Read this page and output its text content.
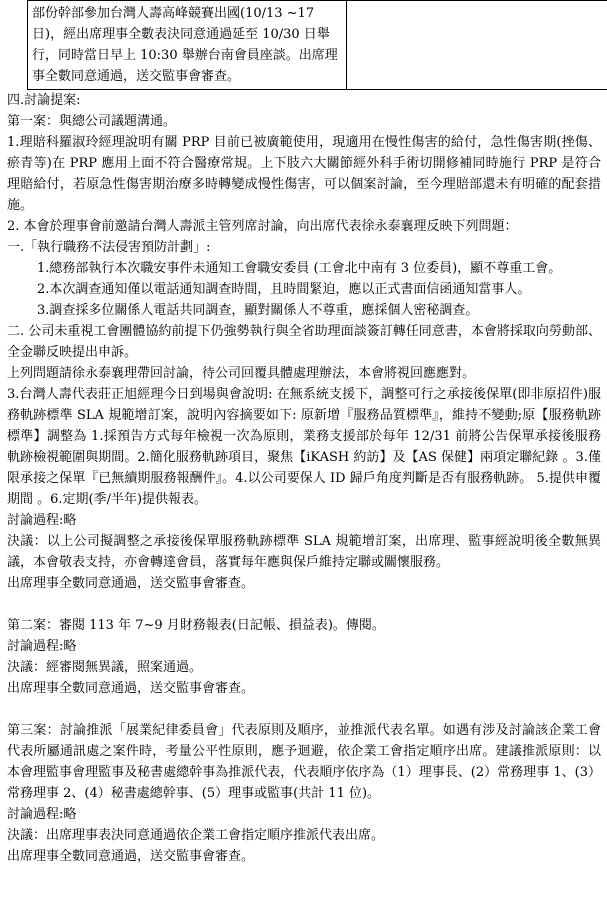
部份幹部參加台灣人壽高峰競賽出國(10/13 ~17日)，經出席理事全數表決同意通過延至 10/30 日舉行，同時當日早上 10:30 舉辦台南會員座談。出席理事全數同意通過，送交監事會審查。

四.討論提案:

第一案：與總公司議題溝通。

1.理賠科羅淑玲經理說明有關 PRP 目前已被廣範使用，現適用在慢性傷害的給付，急性傷害期(挫傷、瘀青等)在 PRP 應用上面不符合醫療常規。上下肢六大關節經外科手術切開修補同時施行 PRP 是符合理賠給付，若原急性傷害期治療多時轉變成慢性傷害，可以個案討論，至今理賠部還未有明確的配套措施。

2. 本會於理事會前邀請台灣人壽派主管列席討論，向出席代表徐永泰襄理反映下列問題：

一.「執行職務不法侵害預防計劃」:

1.總務部執行本次職安事件未通知工會職安委員 (工會北中南有 3 位委員)，顯不尊重工會。

2.本次調查通知僅以電話通知調查時間，且時間緊迫，應以正式書面信函通知當事人。

3.調查採多位關係人電話共同調查，顯對關係人不尊重，應採個人密秘調查。

二. 公司未重視工會團體協約前提下仍強勢執行與全省助理面談簽訂轉任同意書，本會將採取向勞動部、全金聯反映提出申訴。

上列問題請徐永泰襄理帶回討論，待公司回覆具體處理辦法，本會將視回應應對。

3.台灣人壽代表莊正旭經理今日到場與會說明: 在無系統支援下，調整可行之承接後保單(即非原招件)服務軌跡標準 SLA 規範增訂案，說明內容摘要如下: 原新增『服務品質標準』，維持不變動;原【服務軌跡標準】調整為 1.採預告方式每年檢視一次為原則，業務支援部於每年 12/31 前將公告保單承接後服務軌跡檢視範圍與期間。2.簡化服務軌跡項目，聚焦【iKASH 約訪】及【AS 保健】兩項定聯紀錄 。3.僅限承接之保單『已無續期服務報酬件』。4.以公司要保人 ID 歸戶角度判斷是否有服務軌跡。 5.提供申覆期間 。6.定期(季/半年)提供報表。

討論過程:略

決議：以上公司擬調整之承接後保單服務軌跡標準 SLA 規範增訂案，出席理、監事經說明後全數無異議，本會敬表支持，亦會轉達會員，落實每年應與保戶維持定聯或關懷服務。

出席理事全數同意通過，送交監事會審查。

第二案：審閱 113 年 7~9 月財務報表(日記帳、損益表)。傳閱。

討論過程:略

決議：經審閱無異議，照案通過。

出席理事全數同意通過，送交監事會審查。

第三案：討論推派「展業紀律委員會」代表原則及順序，並推派代表名單。如遇有涉及討論該企業工會代表所屬通訊處之案件時，考量公平性原則，應予迴避，依企業工會指定順序出席。建議推派原則：以本會理監事會理監事及秘書處總幹事為推派代表，代表順序依序為（1）理事長、(2）常務理事 1、(3）常務理事 2、(4）秘書處總幹事、(5）理事或監事(共計 11 位)。

討論過程:略

決議：出席理事表決同意通過依企業工會指定順序推派代表出席。

出席理事全數同意通過，送交監事會審查。
